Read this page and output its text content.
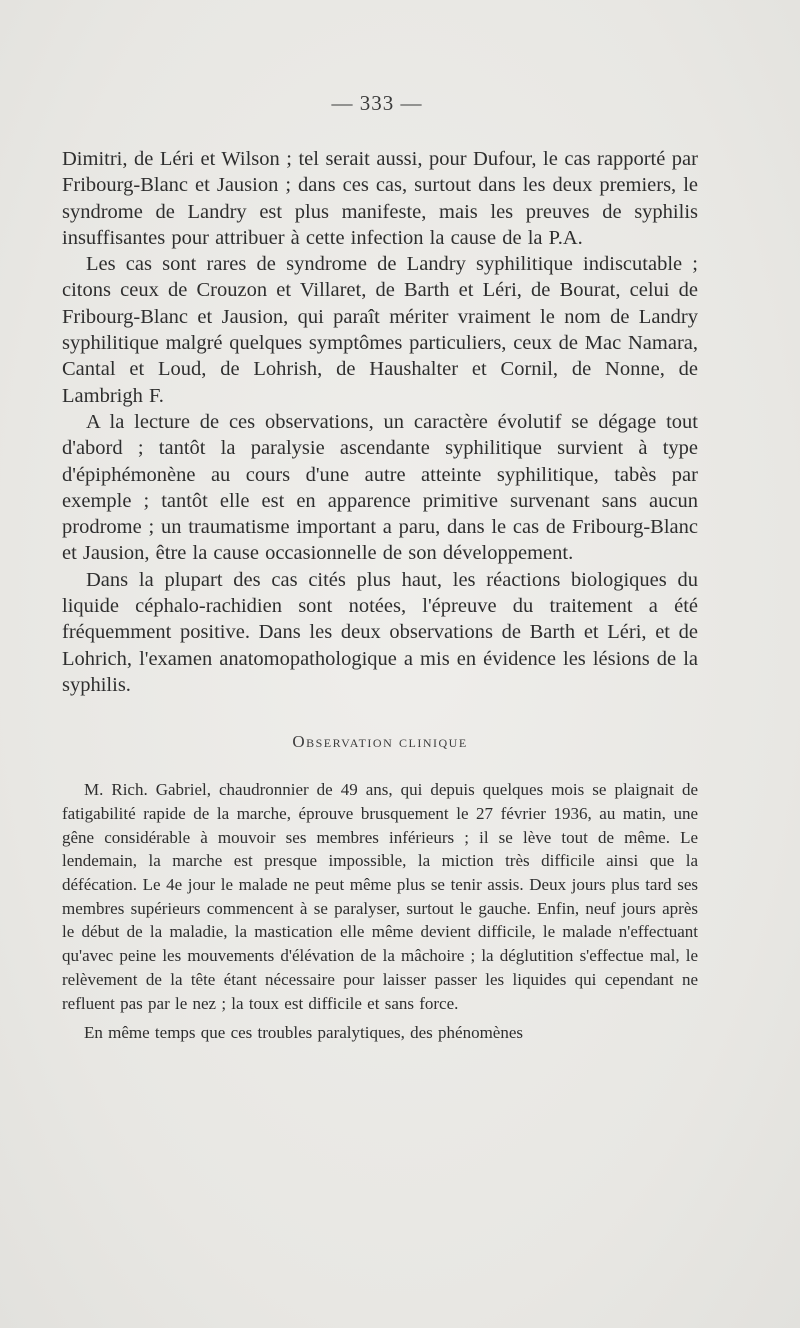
— 333 —

Dimitri, de Léri et Wilson ; tel serait aussi, pour Dufour, le cas rapporté par Fribourg-Blanc et Jausion ; dans ces cas, surtout dans les deux premiers, le syndrome de Landry est plus manifeste, mais les preuves de syphilis insuffisantes pour attribuer à cette infection la cause de la P.A.

Les cas sont rares de syndrome de Landry syphilitique indiscutable ; citons ceux de Crouzon et Villaret, de Barth et Léri, de Bourat, celui de Fribourg-Blanc et Jausion, qui paraît mériter vraiment le nom de Landry syphilitique malgré quelques symptômes particuliers, ceux de Mac Namara, Cantal et Loud, de Lohrish, de Haushalter et Cornil, de Nonne, de Lambrigh F.

A la lecture de ces observations, un caractère évolutif se dégage tout d'abord ; tantôt la paralysie ascendante syphilitique survient à type d'épiphémonène au cours d'une autre atteinte syphilitique, tabès par exemple ; tantôt elle est en apparence primitive survenant sans aucun prodrome ; un traumatisme important a paru, dans le cas de Fribourg-Blanc et Jausion, être la cause occasionnelle de son développement.

Dans la plupart des cas cités plus haut, les réactions biologiques du liquide céphalo-rachidien sont notées, l'épreuve du traitement a été fréquemment positive. Dans les deux observations de Barth et Léri, et de Lohrich, l'examen anatomopathologique a mis en évidence les lésions de la syphilis.

Observation clinique

M. Rich. Gabriel, chaudronnier de 49 ans, qui depuis quelques mois se plaignait de fatigabilité rapide de la marche, éprouve brusquement le 27 février 1936, au matin, une gêne considérable à mouvoir ses membres inférieurs ; il se lève tout de même. Le lendemain, la marche est presque impossible, la miction très difficile ainsi que la défécation. Le 4e jour le malade ne peut même plus se tenir assis. Deux jours plus tard ses membres supérieurs commencent à se paralyser, surtout le gauche. Enfin, neuf jours après le début de la maladie, la mastication elle même devient difficile, le malade n'effectuant qu'avec peine les mouvements d'élévation de la mâchoire ; la déglutition s'effectue mal, le relèvement de la tête étant nécessaire pour laisser passer les liquides qui cependant ne refluent pas par le nez ; la toux est difficile et sans force.

En même temps que ces troubles paralytiques, des phénomènes
